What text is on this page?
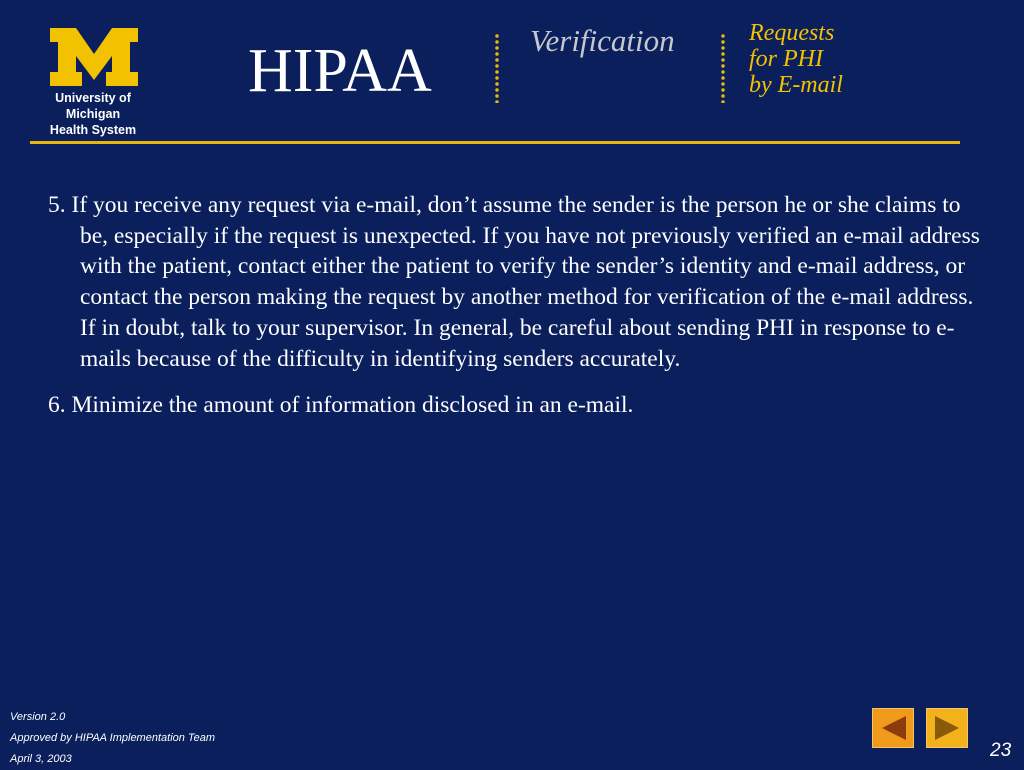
University of Michigan
Health System
HIPAA	Verification	Requests
for PHI
by E-mail

5. If you receive any request via e-mail, don’t assume the sender is the person he or she claims to be, especially if the request is unexpected. If you have not previously verified an e-mail address with the patient, contact either the patient to verify the sender’s identity and e-mail address, or contact the person making the request by another method for verification of the e-mail address. If in doubt, talk to your supervisor. In general, be careful about sending PHI in response to e-mails because of the difficulty in identifying senders accurately.

6. Minimize the amount of information disclosed in an e-mail.

Version 2.0
Approved by HIPAA Implementation Team
April 3, 2003	23
